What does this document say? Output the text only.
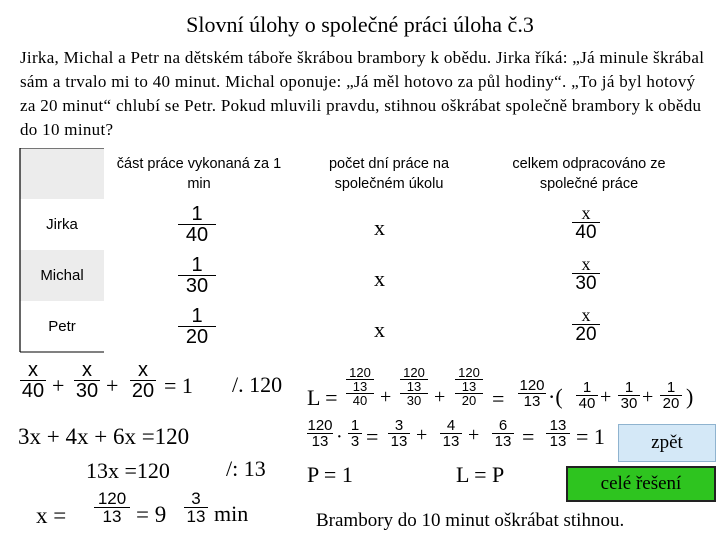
Slovní úlohy o společné práci úloha č.3
Jirka, Michal a Petr na dětském táboře škrábou brambory k obědu. Jirka říká: „Já minule škrábal sám a trvalo mi to 40 minut. Michal oponuje: „Já měl hotovo za půl hodiny“. „To já byl hotový za 20 minut“ chlubí se Petr. Pokud mluvili pravdu, stihnou oškrábat společně brambory k obědu do 10 minut?
část práce vykonaná za 1 min
počet dní práce na společném úkolu
celkem odpracováno ze společné práce
Jirka
Michal
Petr
1
40
1
30
1
20
x
x
x
x
40
x
30
x
20
x
40 +
x
30 +
x
20 = 1 /. 120
3x + 4x + 6x =120
13x =120	/: 13
x =
120
13 = 9
3
13 min
L =
120
13
40 +
120
13
30 +
120
13
20 =
120
13 ·( 1
40 + 1
30 + 1
20 )
120
13 ·
1
3 = 3
13 + 4
13 + 6
13 = 13
13 = 1
P = 1	L = P
zpět
celé řešení
Brambory do 10 minut oškrábat stihnou.
